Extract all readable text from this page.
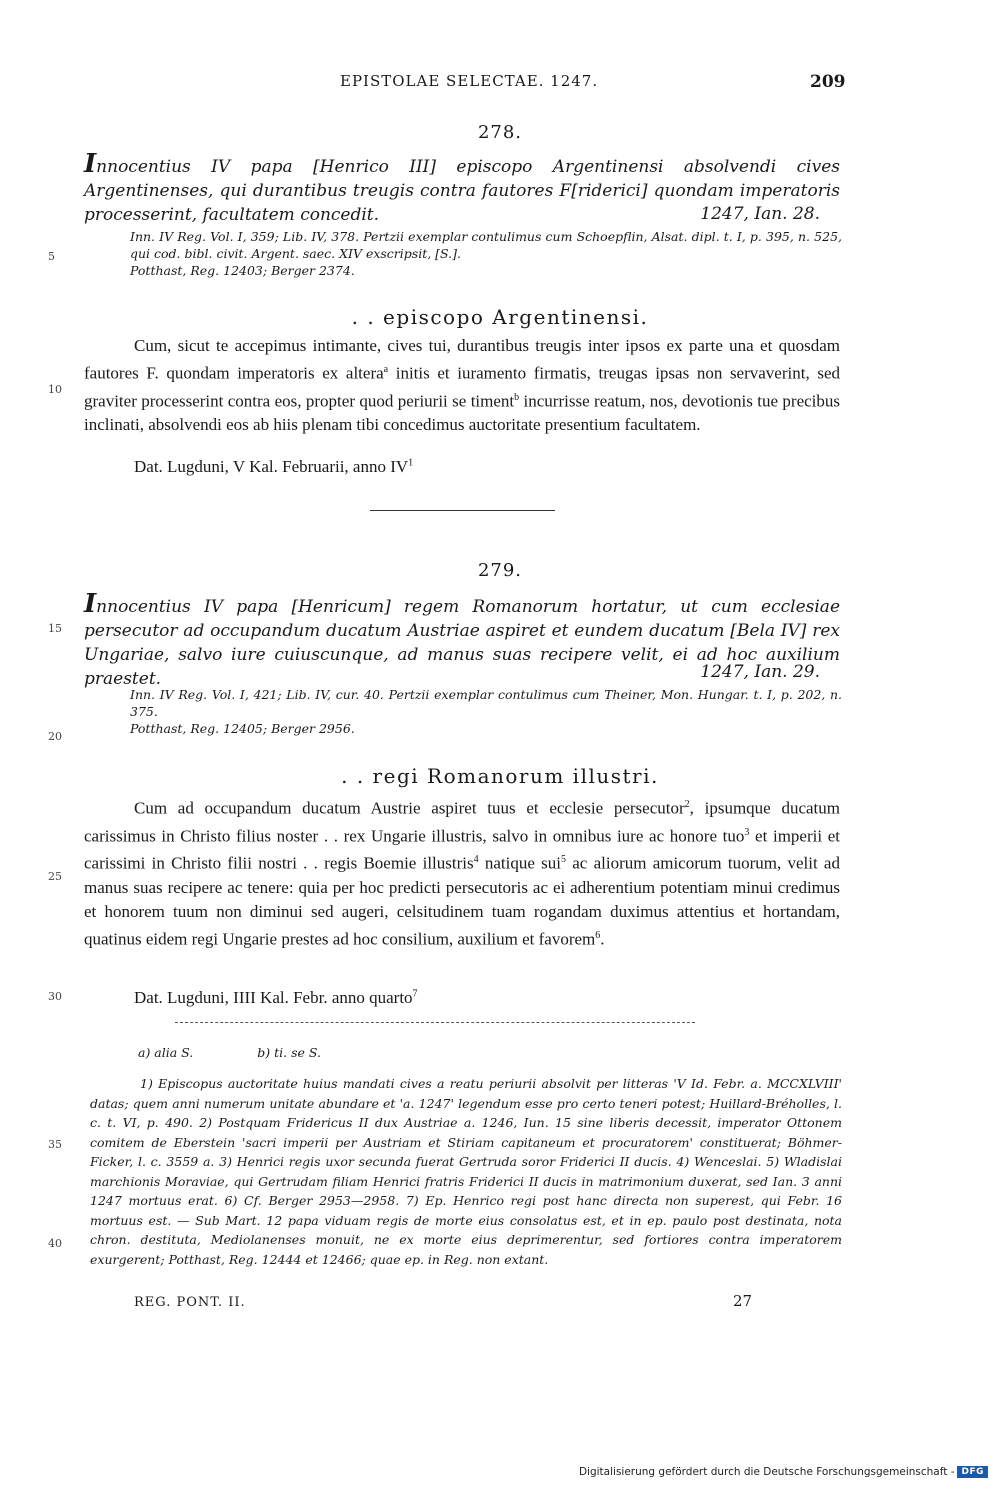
EPISTOLAE SELECTAE. 1247.	209
278.
Innocentius IV papa [Henrico III] episcopo Argentinensi absolvendi cives Argentinenses, qui durantibus treugis contra fautores F[riderici] quondam imperatoris processerint, facultatem concedit.	1247, Ian. 28.
Inn. IV Reg. Vol. I, 359; Lib. IV, 378. Pertzii exemplar contulimus cum Schoepflin, Alsat. dipl. t. I, p. 395, n. 525, qui cod. bibl. civit. Argent. saec. XIV exscripsit, [S.].
Potthast, Reg. 12403; Berger 2374.
5
. . episcopo Argentinensi.

Cum, sicut te accepimus intimante, cives tui, durantibus treugis inter ipsos ex parte una et quosdam fautores F. quondam imperatoris ex altera$^a$ initis et iuramento firmatis, treugas ipsas non servaverint, sed graviter processerint contra eos, propter quod periurii se timent$^b$ incurrisse reatum, nos, devotionis tue precibus inclinati, absolvendi eos ab hiis plenam tibi concedimus auctoritate presentium facultatem.

10
Dat. Lugduni, V Kal. Februarii, anno $IV^1$
279.
Innocentius IV papa [Henricum] regem Romanorum hortatur, ut cum ecclesiae persecutor ad occupandum ducatum Austriae aspiret et eundem ducatum [Bela IV] rex Ungariae, salvo iure cuiuscunque, ad manus suas recipere velit, ei ad hoc auxilium praestet.	1247, Ian. 29.
Inn. IV Reg. Vol. I, 421; Lib. IV, cur. 40. Pertzii exemplar contulimus cum Theiner, Mon. Hungar. t. I, p. 202, n. 375.
Potthast, Reg. 12405; Berger 2956.
15
20
. . regi Romanorum illustri.

Cum ad occupandum ducatum Austrie aspiret tuus et ecclesie persecutor$^2$, ipsumque ducatum carissimus in Christo filius noster . . rex Ungarie illustris, salvo in omnibus iure ac honore tuo$^3$ et imperii et carissimi in Christo filii nostri . . regis Boemie illustris$^4$ natique sui$^5$ ac aliorum amicorum tuorum, velit ad manus suas recipere ac tenere: quia per hoc predicti persecutoris ac ei adherentium potentiam minui credimus et honorem tuum non diminui sed augeri, celsitudinem tuam rogandam duximus attentius et hortandam, quatinus eidem regi Ungarie prestes ad hoc consilium, auxilium et favorem$^6$.

25
Dat. Lugduni, IIII Kal. Febr. anno quarto$^7$
30
a) alia S.	b) ti. se S.
1) Episcopus auctoritate huius mandati cives a reatu periurii absolvit per litteras 'V Id. Febr. a. MCCXLVIII' datas; quem anni numerum unitate abundare et 'a. 1247' legendum esse pro certo teneri potest; Huillard-Bréholles, l. c. t. VI, p. 490. 2) Postquam Fridericus II dux Austriae a. 1246, Iun. 15 sine liberis decessit, imperator Ottonem comitem de Eberstein 'sacri imperii per Austriam et Stiriam capitaneum et procuratorem' constituerat; Böhmer-Ficker, l. c. 3559 a. 3) Henrici regis uxor secunda fuerat Gertruda soror Friderici II ducis. 4) Wenceslai. 5) Wladislai marchionis Moraviae, qui Gertrudam filiam Henrici fratris Friderici II ducis in matrimonium duxerat, sed Ian. 3 anni 1247 mortuus erat. 6) Cf. Berger 2953—2958. 7) Ep. Henrico regi post hanc directa non superest, qui Febr. 16 mortuus est. — Sub Mart. 12 papa viduam regis de morte eius consolatus est, et in ep. paulo post destinata, nota chron. destituta, Mediolanenses monuit, ne ex morte eius deprimerentur, sed fortiores contra imperatorem exurgerent; Potthast, Reg. 12444 et 12466; quae ep. in Reg. non extant.
35
40
REG. PONT. II.	27
Digitalisierung gefördert durch die Deutsche Forschungsgemeinschaft - DFG
